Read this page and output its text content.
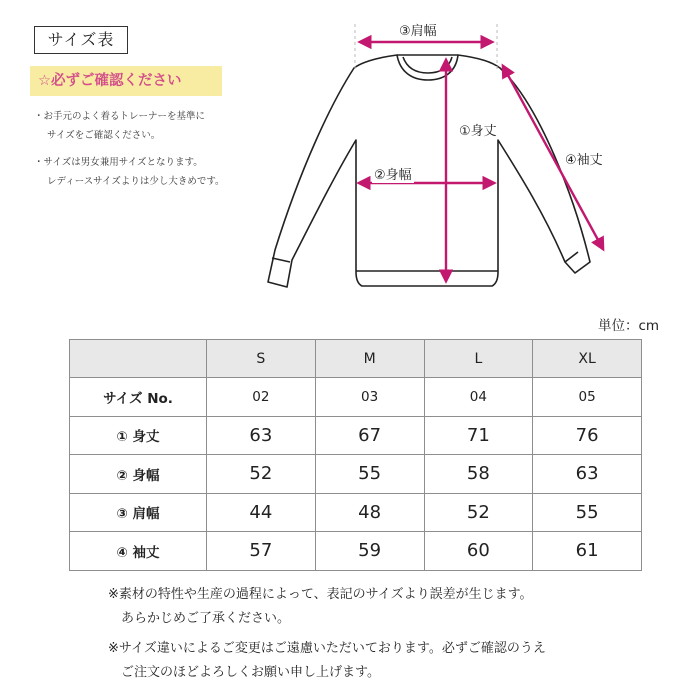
サイズ表
☆必ずご確認ください
・お手元のよく着るトレーナーを基準に
サイズをご確認ください。
・サイズは男女兼用サイズとなります。
レディースサイズよりは少し大きめです。
①身丈
②身幅
③肩幅
④袖丈
単位：cm
	S	M	L	XL
サイズ No.	02	03	04	05
① 身丈	63	67	71	76
② 身幅	52	55	58	63
③ 肩幅	44	48	52	55
④ 袖丈	57	59	60	61
※素材の特性や生産の過程によって、表記のサイズより誤差が生じます。
あらかじめご了承ください。
※サイズ違いによるご変更はご遠慮いただいております。必ずご確認のうえ
ご注文のほどよろしくお願い申し上げます。
